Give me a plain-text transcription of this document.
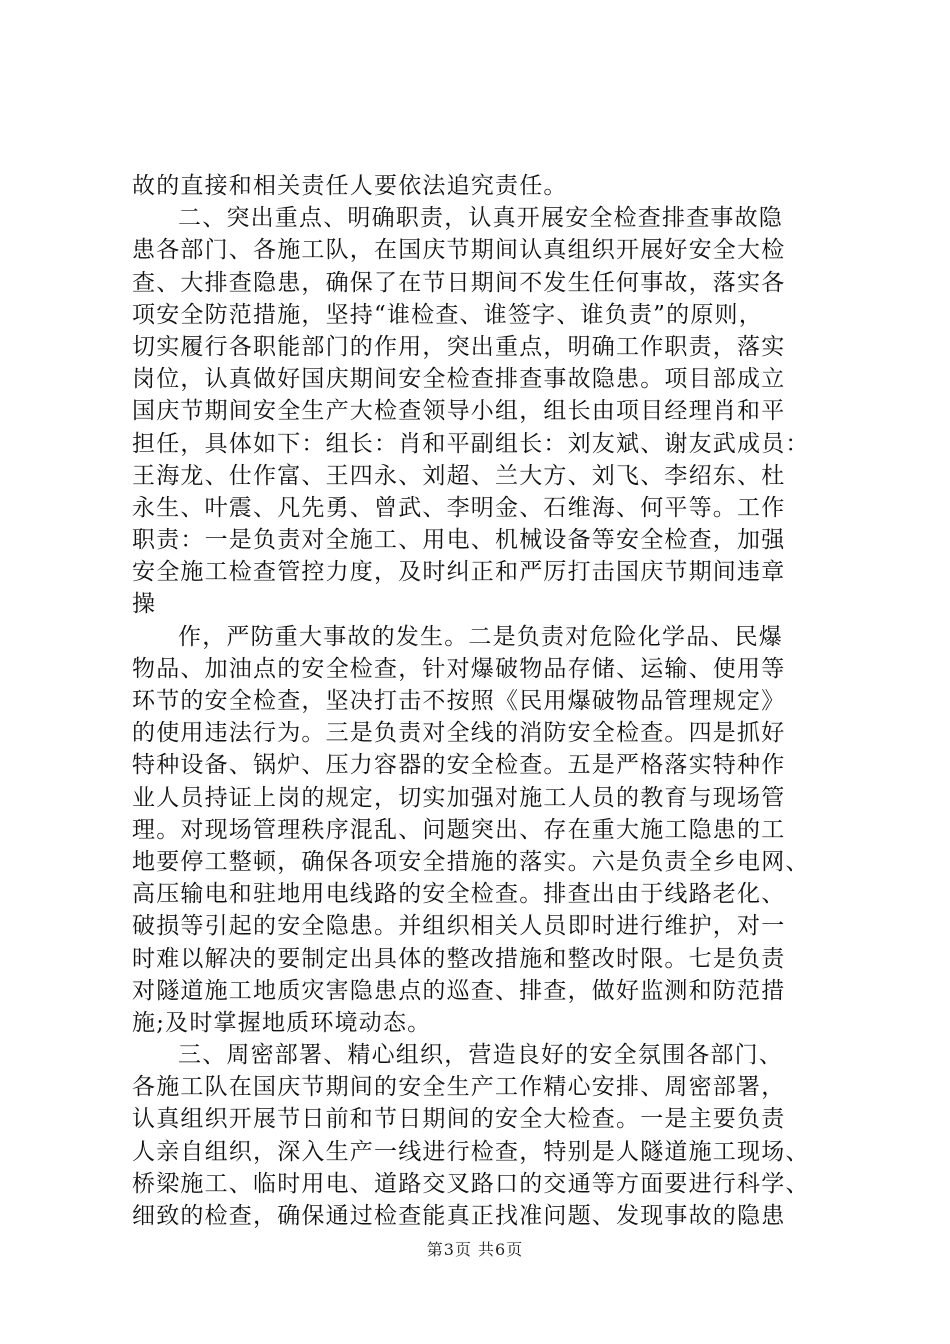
故的直接和相关责任人要依法追究责任。
二、突出重点、明确职责，认真开展安全检查排查事故隐
患各部门、各施工队，在国庆节期间认真组织开展好安全大检
查、大排查隐患，确保了在节日期间不发生任何事故，落实各
项安全防范措施，坚持“谁检查、谁签字、谁负责”的原则，
切实履行各职能部门的作用，突出重点，明确工作职责，落实
岗位，认真做好国庆期间安全检查排查事故隐患。项目部成立
国庆节期间安全生产大检查领导小组，组长由项目经理肖和平
担任，具体如下：组长：肖和平副组长：刘友斌、谢友武成员：
王海龙、仕作富、王四永、刘超、兰大方、刘飞、李绍东、杜
永生、叶震、凡先勇、曾武、李明金、石维海、何平等。工作
职责：一是负责对全施工、用电、机械设备等安全检查，加强
安全施工检查管控力度，及时纠正和严厉打击国庆节期间违章
操
作，严防重大事故的发生。二是负责对危险化学品、民爆
物品、加油点的安全检查，针对爆破物品存储、运输、使用等
环节的安全检查，坚决打击不按照《民用爆破物品管理规定》
的使用违法行为。三是负责对全线的消防安全检查。四是抓好
特种设备、锅炉、压力容器的安全检查。五是严格落实特种作
业人员持证上岗的规定，切实加强对施工人员的教育与现场管
理。对现场管理秩序混乱、问题突出、存在重大施工隐患的工
地要停工整顿，确保各项安全措施的落实。六是负责全乡电网、
高压输电和驻地用电线路的安全检查。排查出由于线路老化、
破损等引起的安全隐患。并组织相关人员即时进行维护，对一
时难以解决的要制定出具体的整改措施和整改时限。七是负责
对隧道施工地质灾害隐患点的巡查、排查，做好监测和防范措
施;及时掌握地质环境动态。
三、周密部署、精心组织，营造良好的安全氛围各部门、
各施工队在国庆节期间的安全生产工作精心安排、周密部署，
认真组织开展节日前和节日期间的安全大检查。一是主要负责
人亲自组织，深入生产一线进行检查，特别是人隧道施工现场、
桥梁施工、临时用电、道路交叉路口的交通等方面要进行科学、
细致的检查，确保通过检查能真正找准问题、发现事故的隐患
第3页 共6页
